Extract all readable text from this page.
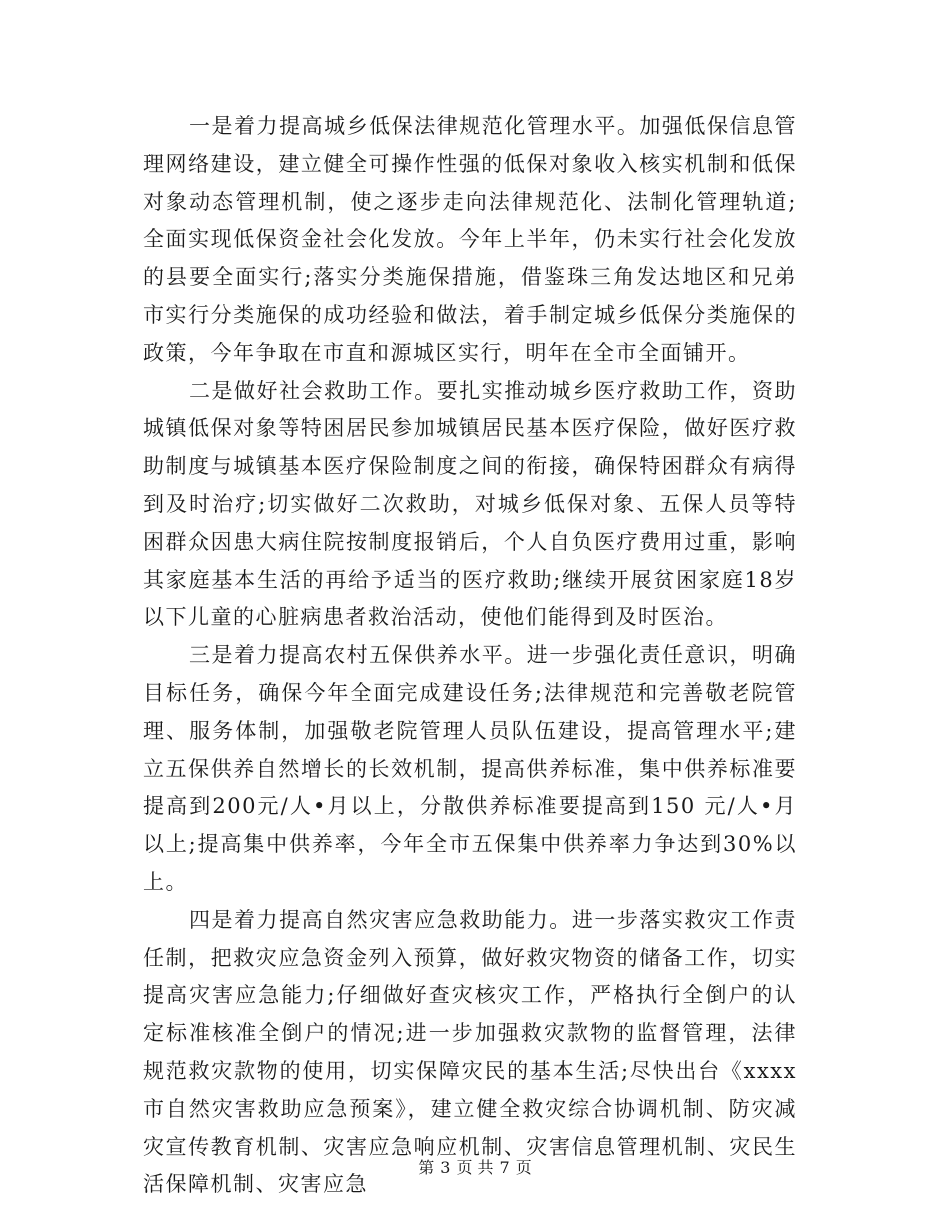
一是着力提高城乡低保法律规范化管理水平。加强低保信息管理网络建设，建立健全可操作性强的低保对象收入核实机制和低保对象动态管理机制，使之逐步走向法律规范化、法制化管理轨道;全面实现低保资金社会化发放。今年上半年，仍未实行社会化发放的县要全面实行;落实分类施保措施，借鉴珠三角发达地区和兄弟市实行分类施保的成功经验和做法，着手制定城乡低保分类施保的政策，今年争取在市直和源城区实行，明年在全市全面铺开。

二是做好社会救助工作。要扎实推动城乡医疗救助工作，资助城镇低保对象等特困居民参加城镇居民基本医疗保险，做好医疗救助制度与城镇基本医疗保险制度之间的衔接，确保特困群众有病得到及时治疗;切实做好二次救助，对城乡低保对象、五保人员等特困群众因患大病住院按制度报销后，个人自负医疗费用过重，影响其家庭基本生活的再给予适当的医疗救助;继续开展贫困家庭18岁以下儿童的心脏病患者救治活动，使他们能得到及时医治。

三是着力提高农村五保供养水平。进一步强化责任意识，明确目标任务，确保今年全面完成建设任务;法律规范和完善敬老院管理、服务体制，加强敬老院管理人员队伍建设，提高管理水平;建立五保供养自然增长的长效机制，提高供养标准，集中供养标准要提高到200元/人•月以上，分散供养标准要提高到150 元/人•月以上;提高集中供养率，今年全市五保集中供养率力争达到30%以上。

四是着力提高自然灾害应急救助能力。进一步落实救灾工作责任制，把救灾应急资金列入预算，做好救灾物资的储备工作，切实提高灾害应急能力;仔细做好查灾核灾工作，严格执行全倒户的认定标准核准全倒户的情况;进一步加强救灾款物的监督管理，法律规范救灾款物的使用，切实保障灾民的基本生活;尽快出台《xxxx市自然灾害救助应急预案》，建立健全救灾综合协调机制、防灾减灾宣传教育机制、灾害应急响应机制、灾害信息管理机制、灾民生活保障机制、灾害应急

第 3 页 共 7 页
